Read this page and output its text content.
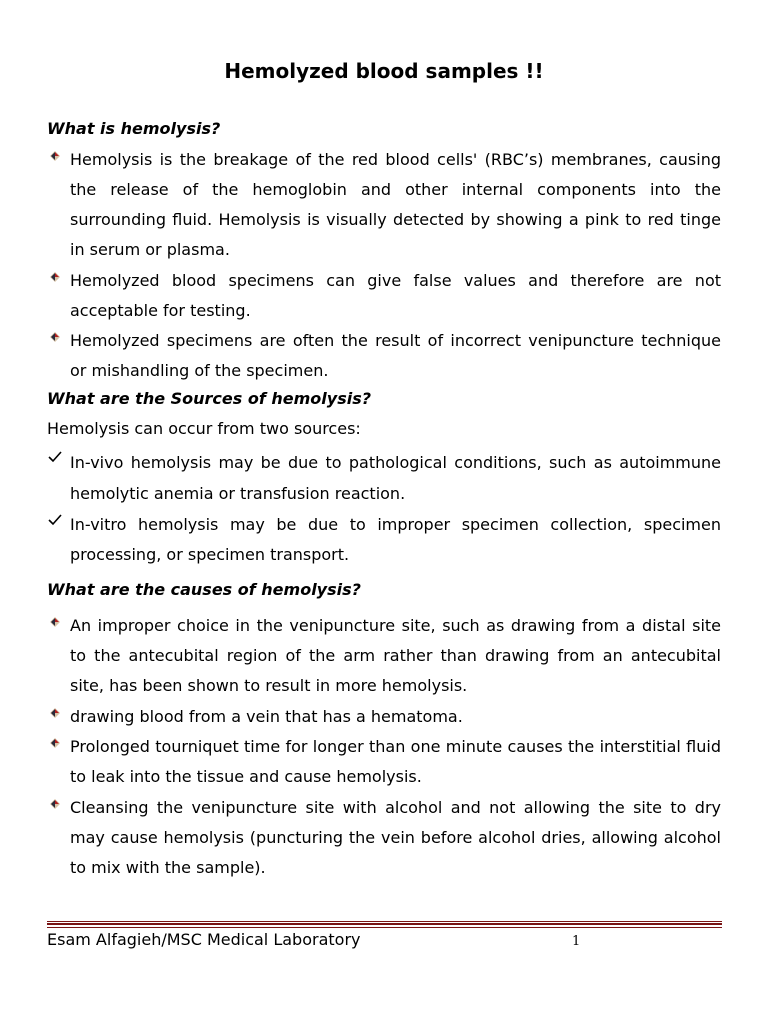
Hemolyzed blood samples !!
What is hemolysis?
Hemolysis is the breakage of the red blood cells' (RBC’s) membranes, causing the release of the hemoglobin and other internal components into the surrounding fluid. Hemolysis is visually detected by showing a pink to red tinge in serum or plasma.
Hemolyzed blood specimens can give false values and therefore are not acceptable for testing.
Hemolyzed specimens are often the result of incorrect venipuncture technique or mishandling of the specimen.
What are the Sources of hemolysis?
Hemolysis can occur from two sources:
In-vivo hemolysis may be due to pathological conditions, such as autoimmune hemolytic anemia or transfusion reaction.
In-vitro hemolysis may be due to improper specimen collection, specimen processing, or specimen transport.
What are the causes of hemolysis?
An improper choice in the venipuncture site, such as drawing from a distal site to the antecubital region of the arm rather than drawing from an antecubital site, has been shown to result in more hemolysis.
drawing blood from a vein that has a hematoma.
Prolonged tourniquet time for longer than one minute causes the interstitial fluid to leak into the tissue and cause hemolysis.
Cleansing the venipuncture site with alcohol and not allowing the site to dry may cause hemolysis (puncturing the vein before alcohol dries, allowing alcohol to mix with the sample).
Esam Alfagieh/MSC Medical Laboratory	1
